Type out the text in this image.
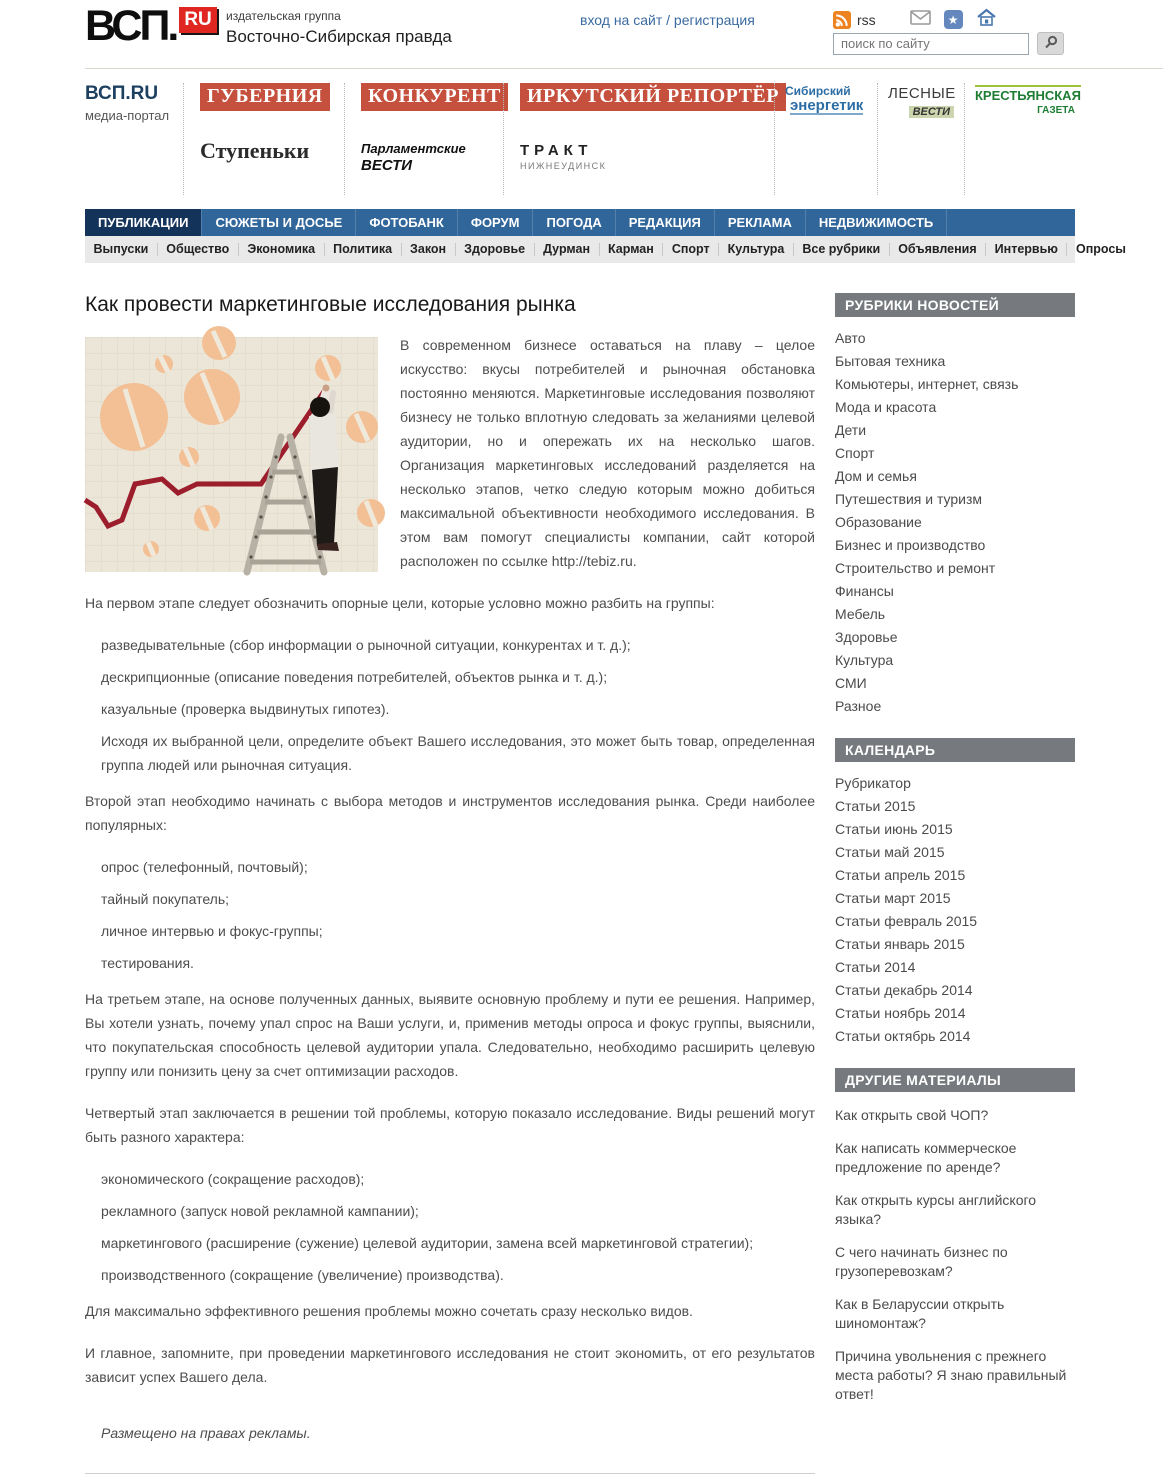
ВСП. RU	издательская группа
Восточно-Сибирская правда
вход на сайт / регистрация	rss
★
поиск по сайту
ВСП.RU
медиа-портал
ГУБЕРНИЯ
Ступеньки
КОНКУРЕНТ
Парламентские
ВЕСТИ
ИРКУТСКИЙ РЕПОРТЁР
ТРАКТ
НИЖНЕУДИНСК
Сибирский
энергетик
ЛЕСНЫЕ
ВЕСТИ
КРЕСТЬЯНСКАЯ
ГАЗЕТА
ПУБЛИКАЦИИ	СЮЖЕТЫ И ДОСЬЕ	ФОТОБАНК	ФОРУМ	ПОГОДА	РЕДАКЦИЯ	РЕКЛАМА	НЕДВИЖИМОСТЬ
Выпуски	Общество	Экономика	Политика	Закон	Здоровье	Дурман	Карман	Спорт	Культура	Все рубрики	Объявления	Интервью	Опросы
Как провести маркетинговые исследования рынка

В современном бизнесе оставаться на плаву – целое искусство: вкусы потребителей и рыночная обстановка постоянно меняются. Маркетинговые исследования позволяют бизнесу не только вплотную следовать за желаниями целевой аудитории, но и опережать их на несколько шагов. Организация маркетинговых исследований разделяется на несколько этапов, четко следую которым можно добиться максимальной объективности необходимого исследования. В этом вам помогут специалисты компании, сайт которой расположен по ссылке http://tebiz.ru.

На первом этапе следует обозначить опорные цели, которые условно можно разбить на группы:

разведывательные (сбор информации о рыночной ситуации, конкурентах и т. д.);

дескрипционные (описание поведения потребителей, объектов рынка и т. д.);

казуальные (проверка выдвинутых гипотез).

Исходя их выбранной цели, определите объект Вашего исследования, это может быть товар, определенная группа людей или рыночная ситуация.

Второй этап необходимо начинать с выбора методов и инструментов исследования рынка. Среди наиболее популярных:

опрос (телефонный, почтовый);

тайный покупатель;

личное интервью и фокус-группы;

тестирования.

На третьем этапе, на основе полученных данных, выявите основную проблему и пути ее решения. Например, Вы хотели узнать, почему упал спрос на Ваши услуги, и, применив методы опроса и фокус группы, выяснили, что покупательская способность целевой аудитории упала. Следовательно, необходимо расширить целевую группу или понизить цену за счет оптимизации расходов.

Четвертый этап заключается в решении той проблемы, которую показало исследование. Виды решений могут быть разного характера:

экономического (сокращение расходов);

рекламного (запуск новой рекламной кампании);

маркетингового (расширение (сужение) целевой аудитории, замена всей маркетинговой стратегии);

производственного (сокращение (увеличение) производства).

Для максимально эффективного решения проблемы можно сочетать сразу несколько видов.

И главное, запомните, при проведении маркетингового исследования не стоит экономить, от его результатов зависит успех Вашего дела.

Размещено на правах рекламы.

РУБРИКИ НОВОСТЕЙ
Авто
Бытовая техника
Комьютеры, интернет, связь
Мода и красота
Дети
Спорт
Дом и семья
Путешествия и туризм
Образование
Бизнес и производство
Строительство и ремонт
Финансы
Мебель
Здоровье
Культура
СМИ
Разное
КАЛЕНДАРЬ
Рубрикатор
Статьи 2015
Статьи июнь 2015
Статьи май 2015
Статьи апрель 2015
Статьи март 2015
Статьи февраль 2015
Статьи январь 2015
Статьи 2014
Статьи декабрь 2014
Статьи ноябрь 2014
Статьи октябрь 2014
ДРУГИЕ МАТЕРИАЛЫ
Как открыть свой ЧОП?
Как написать коммерческое предложение по аренде?
Как открыть курсы английского языка?
С чего начинать бизнес по грузоперевозкам?
Как в Беларуссии открыть шиномонтаж?
Причина увольнения с прежнего места работы? Я знаю правильный ответ!
